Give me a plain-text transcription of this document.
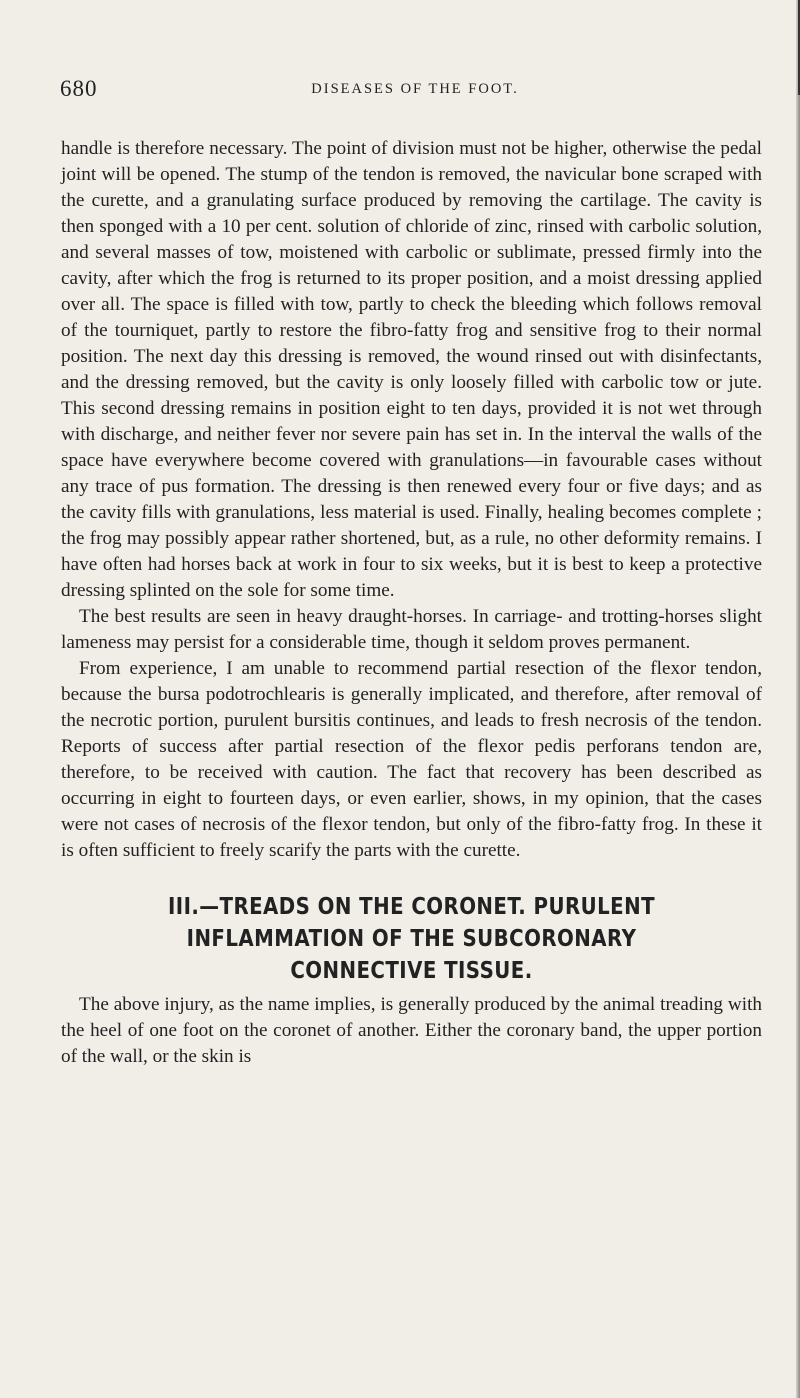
680	DISEASES OF THE FOOT.

handle is therefore necessary. The point of division must not be higher, otherwise the pedal joint will be opened. The stump of the tendon is removed, the navicular bone scraped with the curette, and a granulating surface produced by removing the cartilage. The cavity is then sponged with a 10 per cent. solution of chloride of zinc, rinsed with carbolic solution, and several masses of tow, moistened with carbolic or sublimate, pressed firmly into the cavity, after which the frog is returned to its proper position, and a moist dressing applied over all. The space is filled with tow, partly to check the bleeding which follows removal of the tourniquet, partly to restore the fibro-fatty frog and sensitive frog to their normal position. The next day this dressing is removed, the wound rinsed out with disinfectants, and the dressing removed, but the cavity is only loosely filled with carbolic tow or jute. This second dressing remains in position eight to ten days, provided it is not wet through with discharge, and neither fever nor severe pain has set in. In the interval the walls of the space have everywhere become covered with granulations—in favourable cases without any trace of pus formation. The dressing is then renewed every four or five days; and as the cavity fills with granulations, less material is used. Finally, healing becomes complete ; the frog may possibly appear rather shortened, but, as a rule, no other deformity remains. I have often had horses back at work in four to six weeks, but it is best to keep a protective dressing splinted on the sole for some time.

The best results are seen in heavy draught-horses. In carriage- and trotting-horses slight lameness may persist for a considerable time, though it seldom proves permanent.

From experience, I am unable to recommend partial resection of the flexor tendon, because the bursa podotrochlearis is generally implicated, and therefore, after removal of the necrotic portion, purulent bursitis continues, and leads to fresh necrosis of the tendon. Reports of success after partial resection of the flexor pedis perforans tendon are, therefore, to be received with caution. The fact that recovery has been described as occurring in eight to fourteen days, or even earlier, shows, in my opinion, that the cases were not cases of necrosis of the flexor tendon, but only of the fibro-fatty frog. In these it is often sufficient to freely scarify the parts with the curette.

III.—TREADS ON THE CORONET. PURULENT INFLAMMATION OF THE SUBCORONARY CONNECTIVE TISSUE.

The above injury, as the name implies, is generally produced by the animal treading with the heel of one foot on the coronet of another. Either the coronary band, the upper portion of the wall, or the skin is
